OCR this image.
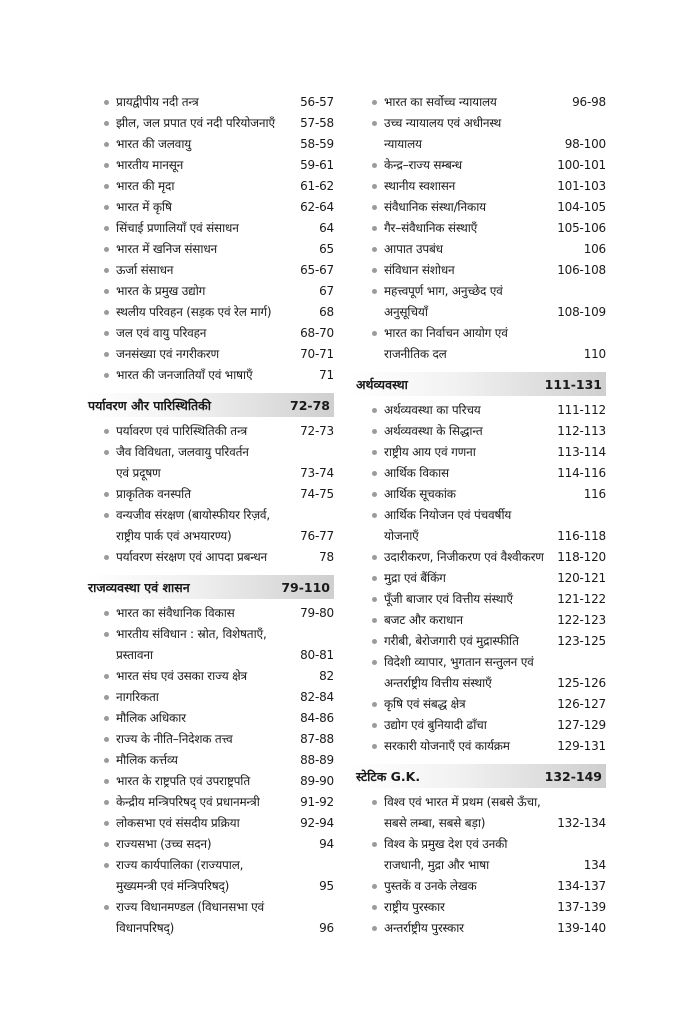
प्रायद्वीपीय नदी तन्त्र	56-57
झील, जल प्रपात एवं नदी परियोजनाएँ	57-58
भारत की जलवायु	58-59
भारतीय मानसून	59-61
भारत की मृदा	61-62
भारत में कृषि	62-64
सिंचाई प्रणालियाँ एवं संसाधन	64
भारत में खनिज संसाधन	65
ऊर्जा संसाधन	65-67
भारत के प्रमुख उद्योग	67
स्थलीय परिवहन (सड़क एवं रेल मार्ग)	68
जल एवं वायु परिवहन	68-70
जनसंख्या एवं नगरीकरण	70-71
भारत की जनजातियाँ एवं भाषाएँ	71
पर्यावरण और पारिस्थितिकी	72-78
पर्यावरण एवं पारिस्थितिकी तन्त्र	72-73
जैव विविधता, जलवायु परिवर्तन
एवं प्रदूषण	73-74
प्राकृतिक वनस्पति	74-75
वन्यजीव संरक्षण (बायोस्फीयर रिज़र्व,
राष्ट्रीय पार्क एवं अभयारण्य)	76-77
पर्यावरण संरक्षण एवं आपदा प्रबन्धन	78
राजव्यवस्था एवं शासन	79-110
भारत का संवैधानिक विकास	79-80
भारतीय संविधान : स्रोत, विशेषताएँ,
प्रस्तावना	80-81
भारत संघ एवं उसका राज्य क्षेत्र	82
नागरिकता	82-84
मौलिक अधिकार	84-86
राज्य के नीति–निदेशक तत्त्व	87-88
मौलिक कर्त्तव्य	88-89
भारत के राष्ट्रपति एवं उपराष्ट्रपति	89-90
केन्द्रीय मन्त्रिपरिषद् एवं प्रधानमन्त्री	91-92
लोकसभा एवं संसदीय प्रक्रिया	92-94
राज्यसभा (उच्च सदन)	94
राज्य कार्यपालिका (राज्यपाल,
मुख्यमन्त्री एवं मंन्त्रिपरिषद्)	95
राज्य विधानमण्डल (विधानसभा एवं
विधानपरिषद्)	96
भारत का सर्वोच्च न्यायालय	96-98
उच्च न्यायालय एवं अधीनस्थ
न्यायालय	98-100
केन्द्र–राज्य सम्बन्ध	100-101
स्थानीय स्वशासन	101-103
संवैधानिक संस्था/निकाय	104-105
गैर–संवैधानिक संस्थाएँ	105-106
आपात उपबंध	106
संविधान संशोधन	106-108
महत्त्वपूर्ण भाग, अनुच्छेद एवं
अनुसूचियाँ	108-109
भारत का निर्वाचन आयोग एवं
राजनीतिक दल	110
अर्थव्यवस्था	111-131
अर्थव्यवस्था का परिचय	111-112
अर्थव्यवस्था के सिद्धान्त	112-113
राष्ट्रीय आय एवं गणना	113-114
आर्थिक विकास	114-116
आर्थिक सूचकांक	116
आर्थिक नियोजन एवं पंचवर्षीय
योजनाएँ	116-118
उदारीकरण, निजीकरण एवं वैश्वीकरण	118-120
मुद्रा एवं बैंकिंग	120-121
पूँजी बाजार एवं वित्तीय संस्थाएँ	121-122
बजट और कराधान	122-123
गरीबी, बेरोजगारी एवं मुद्रास्फीति	123-125
विदेशी व्यापार, भुगतान सन्तुलन एवं
अन्तर्राष्ट्रीय वित्तीय संस्थाएँ	125-126
कृषि एवं संबद्ध क्षेत्र	126-127
उद्योग एवं बुनियादी ढाँचा	127-129
सरकारी योजनाएँ एवं कार्यक्रम	129-131
स्टेटिक G.K.	132-149
विश्व एवं भारत में प्रथम (सबसे ऊँचा,
सबसे लम्बा, सबसे बड़ा)	132-134
विश्व के प्रमुख देश एवं उनकी
राजधानी, मुद्रा और भाषा	134
पुस्तकें व उनके लेखक	134-137
राष्ट्रीय पुरस्कार	137-139
अन्तर्राष्ट्रीय पुरस्कार	139-140
